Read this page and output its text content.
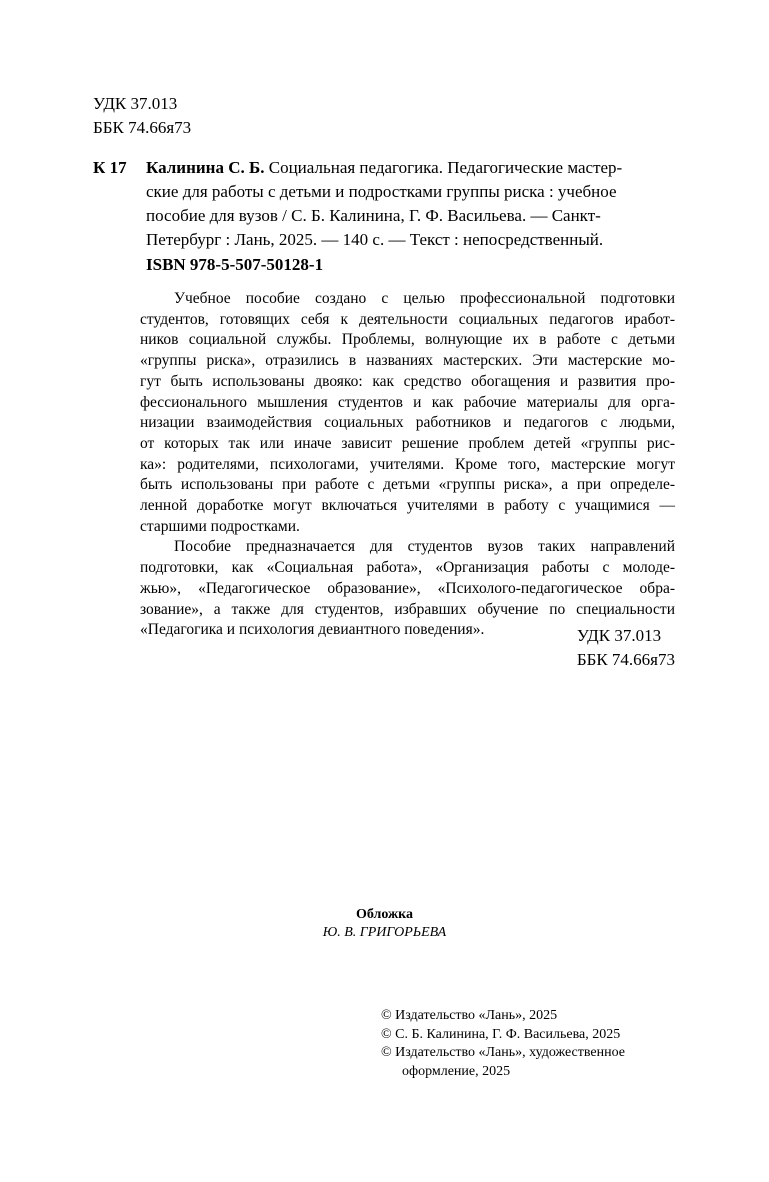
УДК 37.013
ББК 74.66я73
К 17	Калинина С. Б. Социальная педагогика. Педагогические мастер-
ские для работы с детьми и подростками группы риска : учебное
пособие для вузов / С. Б. Калинина, Г. Ф. Васильева. — Санкт-
Петербург : Лань, 2025. — 140 с. — Текст : непосредственный.
ISBN 978-5-507-50128-1
Учебное пособие создано с целью профессиональной подготовки
студентов, готовящих себя к деятельности социальных педагогов иработ-
ников социальной службы. Проблемы, волнующие их в работе с детьми
«группы риска», отразились в названиях мастерских. Эти мастерские мо-
гут быть использованы двояко: как средство обогащения и развития про-
фессионального мышления студентов и как рабочие материалы для орга-
низации взаимодействия социальных работников и педагогов с людьми,
от которых так или иначе зависит решение проблем детей «группы рис-
ка»: родителями, психологами, учителями. Кроме того, мастерские могут
быть использованы при работе с детьми «группы риска», а при определе-
ленной доработке могут включаться учителями в работу с учащимися —
старшими подростками.
Пособие предназначается для студентов вузов таких направлений
подготовки, как «Социальная работа», «Организация работы с молоде-
жью», «Педагогическое образование», «Психолого-педагогическое обра-
зование», а также для студентов, избравших обучение по специальности
«Педагогика и психология девиантного поведения».	УДК 37.013
ББК 74.66я73
Обложка
Ю. В. ГРИГОРЬЕВА
© Издательство «Лань», 2025
© С. Б. Калинина, Г. Ф. Васильева, 2025
© Издательство «Лань», художественное
оформление, 2025
